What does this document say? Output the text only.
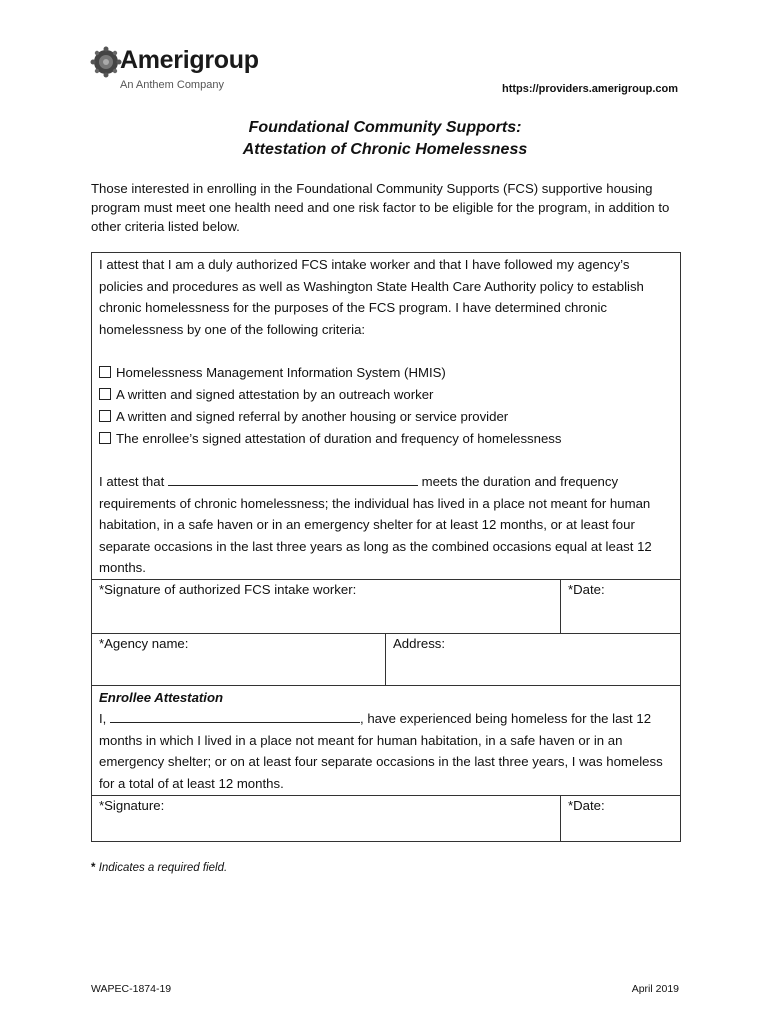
Amerigroup
An Anthem Company	https://providers.amerigroup.com
Foundational Community Supports:
Attestation of Chronic Homelessness
Those interested in enrolling in the Foundational Community Supports (FCS) supportive housing program must meet one health need and one risk factor to be eligible for the program, in addition to other criteria listed below.
I attest that I am a duly authorized FCS intake worker and that I have followed my agency’s policies and procedures as well as Washington State Health Care Authority policy to establish chronic homelessness for the purposes of the FCS program. I have determined chronic homelessness by one of the following criteria:
Homelessness Management Information System (HMIS)
A written and signed attestation by an outreach worker
A written and signed referral by another housing or service provider
The enrollee’s signed attestation of duration and frequency of homelessness
I attest that	meets the duration and frequency requirements of chronic homelessness; the individual has lived in a place not meant for human habitation, in a safe haven or in an emergency shelter for at least 12 months, or at least four separate occasions in the last three years as long as the combined occasions equal at least 12 months.
*Signature of authorized FCS intake worker:	*Date:
*Agency name:	Address:
Enrollee Attestation
I,	, have experienced being homeless for the last 12 months in which I lived in a place not meant for human habitation, in a safe haven or in an emergency shelter; or on at least four separate occasions in the last three years, I was homeless for a total of at least 12 months.
*Signature:	*Date:
* Indicates a required field.
WAPEC-1874-19	April 2019
